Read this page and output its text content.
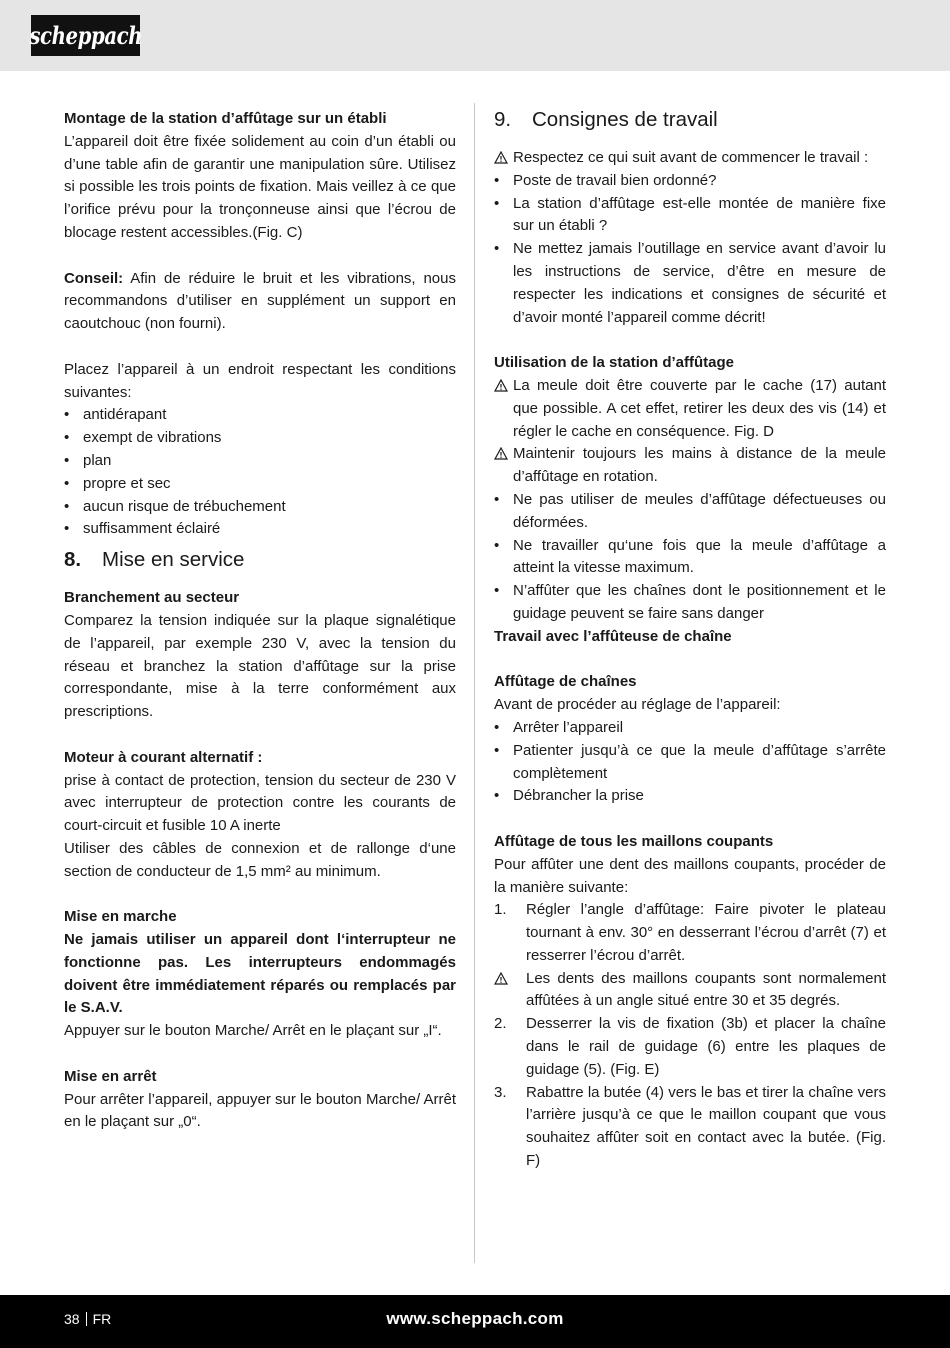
scheppach

Montage de la station d’affûtage sur un établi

L’appareil doit être fixée solidement au coin d’un établi ou d’une table afin de garantir une manipulation sûre. Utilisez si possible les trois points de fixation. Mais veillez à ce que l’orifice prévu pour la tronçonneuse ainsi que l’écrou de blocage restent accessibles.(Fig. C)

Conseil: Afin de réduire le bruit et les vibrations, nous recommandons d’utiliser en supplément un support en caoutchouc (non fourni).

Placez l’appareil à un endroit respectant les conditions suivantes:

• antidérapant
• exempt de vibrations
• plan
• propre et sec
• aucun risque de trébuchement
• suffisamment éclairé
8.	Mise en service

Branchement au secteur

Comparez la tension indiquée sur la plaque signalétique de l’appareil, par exemple 230 V, avec la tension du réseau et branchez la station d’affûtage sur la prise correspondante, mise à la terre conformément aux prescriptions.

Moteur à courant alternatif :

prise à contact de protection, tension du secteur de 230 V avec interrupteur de protection contre les courants de court-circuit et fusible 10 A inerte

Utiliser des câbles de connexion et de rallonge d‘une section de conducteur de 1,5 mm² au minimum.

Mise en marche

Ne jamais utiliser un appareil dont l‘interrupteur ne fonctionne pas. Les interrupteurs endommagés doivent être immédiatement réparés ou remplacés par le S.A.V.

Appuyer sur le bouton Marche/ Arrêt en le plaçant sur „I“.

Mise en arrêt

Pour arrêter l’appareil, appuyer sur le bouton Marche/ Arrêt en le plaçant sur „0“.

9.	Consignes de travail
Respectez ce qui suit avant de commencer le travail :
• Poste de travail bien ordonné?
• La station d’affûtage est-elle montée de manière fixe sur un établi ?
• Ne mettez jamais l’outillage en service avant d’avoir lu les instructions de service, d’être en mesure de respecter les indications et consignes de sécurité et d’avoir monté l’appareil comme décrit!

Utilisation de la station d’affûtage

La meule doit être couverte par le cache (17) autant que possible. A cet effet, retirer les deux des vis (14) et régler le cache en conséquence. Fig. D
Maintenir toujours les mains à distance de la meule d’affûtage en rotation.
• Ne pas utiliser de meules d’affûtage défectueuses ou déformées.
• Ne travailler qu‘une fois que la meule d’affûtage a atteint la vitesse maximum.
• N’affûter que les chaînes dont le positionnement et le guidage peuvent se faire sans danger

Travail avec l’affûteuse de chaîne

Affûtage de chaînes

Avant de procéder au réglage de l’appareil:

• Arrêter l’appareil
• Patienter jusqu’à ce que la meule d’affûtage s’arrête complètement
• Débrancher la prise

Affûtage de tous les maillons coupants

Pour affûter une dent des maillons coupants, procéder de la manière suivante:

1. Régler l’angle d’affûtage: Faire pivoter le plateau tournant à env. 30° en desserrant l’écrou d’arrêt (7) et resserrer l’écrou d’arrêt.
Les dents des maillons coupants sont normalement affûtées à un angle situé entre 30 et 35 degrés.
2. Desserrer la vis de fixation (3b) et placer la chaîne dans le rail de guidage (6) entre les plaques de guidage (5). (Fig. E)
3. Rabattre la butée (4) vers le bas et tirer la chaîne vers l’arrière jusqu’à ce que le maillon coupant que vous souhaitez affûter soit en contact avec la butée. (Fig. F)
38 FR	www.scheppach.com
